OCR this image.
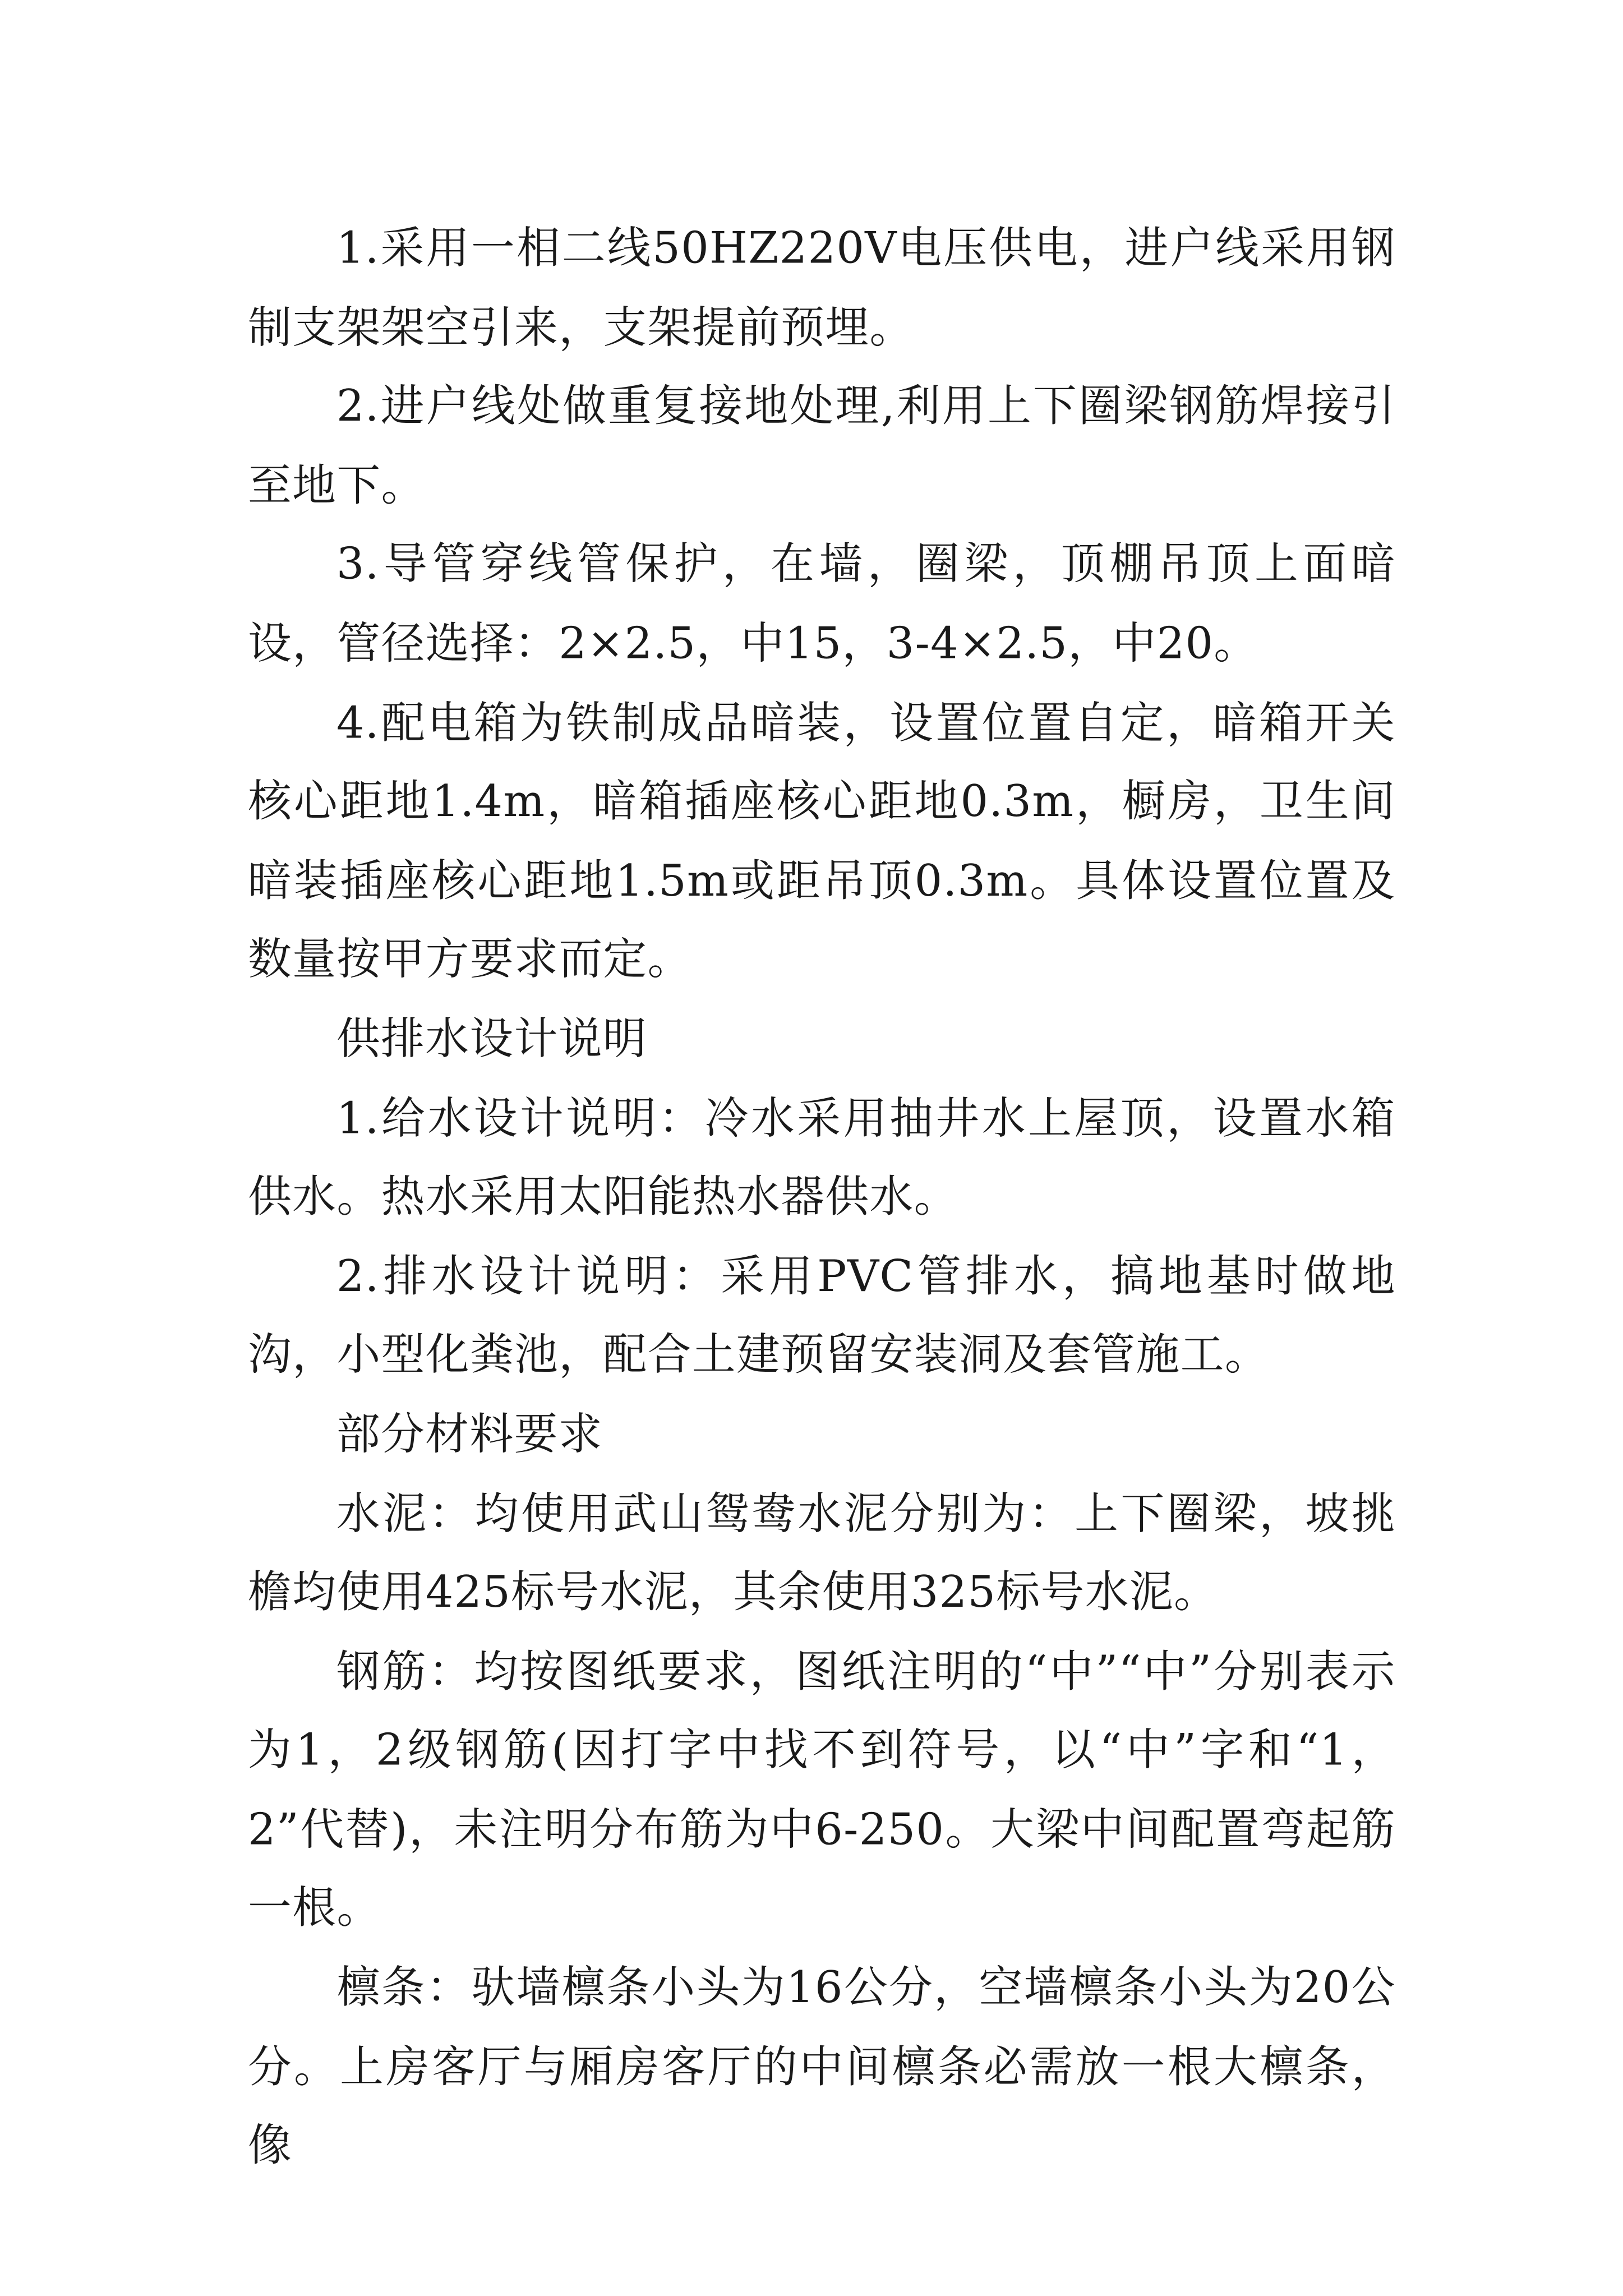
1.采用一相二线50HZ220V电压供电，进户线采用钢制支架架空引来，支架提前预埋。

2.进户线处做重复接地处理,利用上下圈梁钢筋焊接引至地下。

3.导管穿线管保护，在墙，圈梁，顶棚吊顶上面暗设，管径选择：2×2.5，中15，3-4×2.5，中20。

4.配电箱为铁制成品暗装，设置位置自定，暗箱开关核心距地1.4m，暗箱插座核心距地0.3m，橱房，卫生间暗装插座核心距地1.5m或距吊顶0.3m。具体设置位置及数量按甲方要求而定。

供排水设计说明

1.给水设计说明：冷水采用抽井水上屋顶，设置水箱供水。热水采用太阳能热水器供水。

2.排水设计说明：采用PVC管排水，搞地基时做地沟，小型化粪池，配合土建预留安装洞及套管施工。

部分材料要求

水泥：均使用武山鸳鸯水泥分别为：上下圈梁，坡挑檐均使用425标号水泥，其余使用325标号水泥。

钢筋：均按图纸要求，图纸注明的“中”“中”分别表示为1，2级钢筋(因打字中找不到符号，以“中”字和“1，2”代替)，未注明分布筋为中6-250。大梁中间配置弯起筋一根。

檩条：驮墙檩条小头为16公分，空墙檩条小头为20公分。上房客厅与厢房客厅的中间檩条必需放一根大檩条，像
